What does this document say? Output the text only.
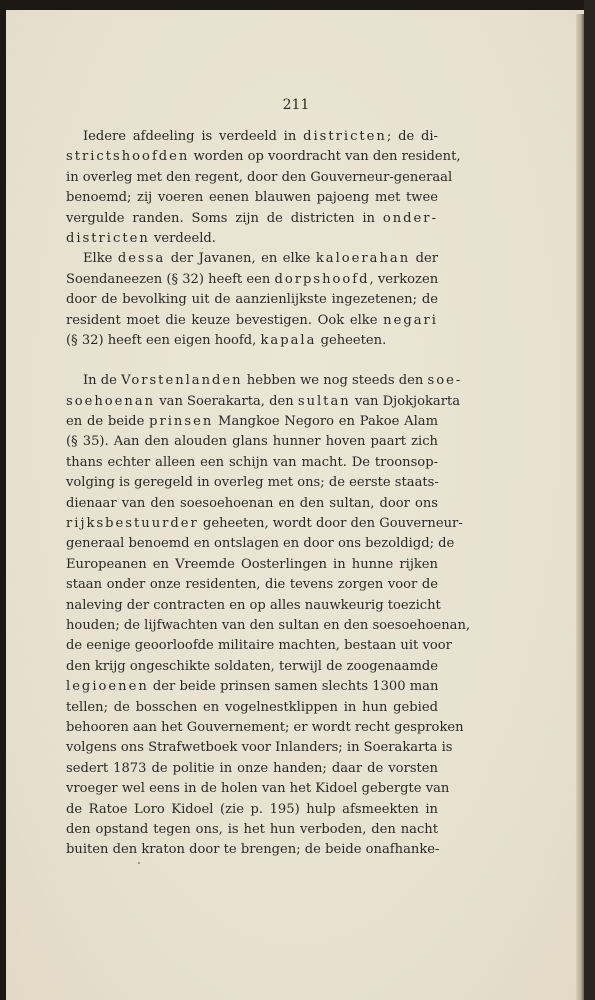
211
Iedere afdeeling is verdeeld in districten; de di-
strictshoofden worden op voordracht van den resident,
in overleg met den regent, door den Gouverneur-generaal
benoemd; zij voeren eenen blauwen pajoeng met twee
vergulde randen. Soms zijn de districten in onder-
districten verdeeld.
Elke dessa der Javanen, en elke kaloerahan der
Soendaneezen (§ 32) heeft een dorpshoofd, verkozen
door de bevolking uit de aanzienlijkste ingezetenen; de
resident moet die keuze bevestigen. Ook elke negari
(§ 32) heeft een eigen hoofd, kapala geheeten.
In de Vorstenlanden hebben we nog steeds den soe-
soehoenan van Soerakarta, den sultan van Djokjokarta
en de beide prinsen Mangkoe Negoro en Pakoe Alam
(§ 35). Aan den alouden glans hunner hoven paart zich
thans echter alleen een schijn van macht. De troonsop-
volging is geregeld in overleg met ons; de eerste staats-
dienaar van den soesoehoenan en den sultan, door ons
rijksbestuurder geheeten, wordt door den Gouverneur-
generaal benoemd en ontslagen en door ons bezoldigd; de
Europeanen en Vreemde Oosterlingen in hunne rijken
staan onder onze residenten, die tevens zorgen voor de
naleving der contracten en op alles nauwkeurig toezicht
houden; de lijfwachten van den sultan en den soesoehoenan,
de eenige geoorloofde militaire machten, bestaan uit voor
den krijg ongeschikte soldaten, terwijl de zoogenaamde
legioenen der beide prinsen samen slechts 1300 man
tellen; de bosschen en vogelnestklippen in hun gebied
behooren aan het Gouvernement; er wordt recht gesproken
volgens ons Strafwetboek voor Inlanders; in Soerakarta is
sedert 1873 de politie in onze handen; daar de vorsten
vroeger wel eens in de holen van het Kidoel gebergte van
de Ratoe Loro Kidoel (zie p. 195) hulp afsmeekten in
den opstand tegen ons, is het hun verboden, den nacht
buiten den kraton door te brengen; de beide onafhanke-
